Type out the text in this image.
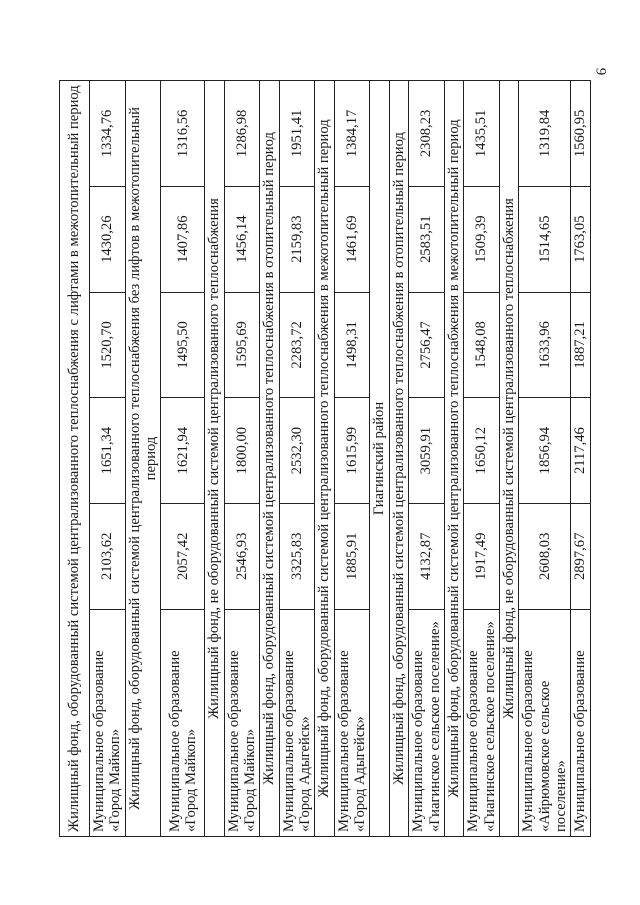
9
Жилищный фонд, оборудованный системой централизованного теплоснабжения с лифтами в межотопительный период					
Муниципальное образование «Город Майкоп»	2103,62	1651,34	1520,70	1430,26	1334,76
Жилищный фонд, оборудованный системой централизованного теплоснабжения без лифтов в межотопительный период					
Муниципальное образование «Город Майкоп»	2057,42	1621,94	1495,50	1407,86	1316,56
Жилищный фонд, не оборудованный системой централизованного теплоснабжения					
Муниципальное образование «Город Майкоп»	2546,93	1800,00	1595,69	1456,14	1286,98
Жилищный фонд, оборудованный системой централизованного теплоснабжения в отопительный период					
Муниципальное образование «Город Адыгейск»	3325,83	2532,30	2283,72	2159,83	1951,41
Жилищный фонд, оборудованный системой централизованного теплоснабжения в межотопительный период					
Муниципальное образование «Город Адыгейск»	1885,91	1615,99	1498,31	1461,69	1384,17
Гиагинский район					
Жилищный фонд, оборудованный системой централизованного теплоснабжения в отопительный период					
Муниципальное образование «Гиагинское сельское поселение»	4132,87	3059,91	2756,47	2583,51	2308,23
Жилищный фонд, оборудованный системой централизованного теплоснабжения в межотопительный период					
Муниципальное образование «Гиагинское сельское поселение»	1917,49	1650,12	1548,08	1509,39	1435,51
Жилищный фонд, не оборудованный системой централизованного теплоснабжения					
Муниципальное образование «Айрюмовское сельское поселение»	2608,03	1856,94	1633,96	1514,65	1319,84
Муниципальное образование	2897,67	2117,46	1887,21	1763,05	1560,95
